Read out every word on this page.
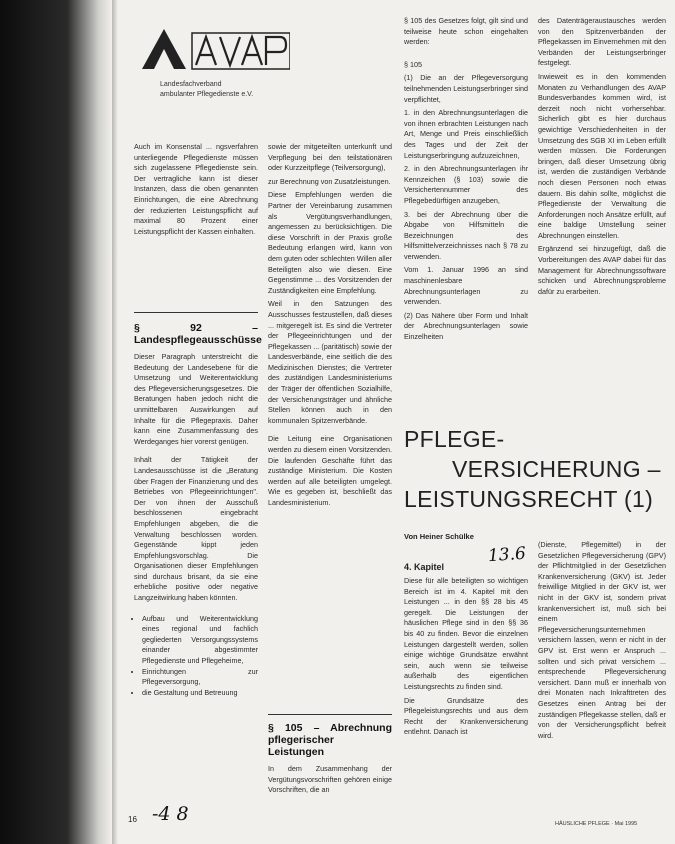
Landesfachverband
ambulanter Pflegedienste e.V.

Auch im Konsenstal ... ngsverfahren unterliegende Pflegedienste müssen sich zugelassene Pflegedienste sein. Der vertragliche kann ist dieser Instanzen, dass die oben genannten Einrichtungen, die eine Abrechnung der reduzierten Leistungspflicht auf maximal 80 Prozent einer Leistungspflicht der Kassen einhalten.

§ 92 – Landespflegeausschüsse

Dieser Paragraph unterstreicht die Bedeutung der Landesebene für die Umsetzung und Weiterentwicklung des Pflegeversicherungsgesetzes. Die Beratungen haben jedoch nicht die unmittelbaren Auswirkungen auf Inhalte für die Pflegepraxis. Daher kann eine Zusammenfassung des Werdeganges hier vorerst genügen.

Inhalt der Tätigkeit der Landesausschüsse ist die „Beratung über Fragen der Finanzierung und des Betriebes von Pflegeeinrichtungen". Der von ihnen der Ausschuß beschlossenen eingebracht Empfehlungen abgeben, die die Verwaltung beschlossen worden. Gegenstände kippt jeden Empfehlungsvorschlag. Die Organisationen dieser Empfehlungen sind durchaus brisant, da sie eine erhebliche positive oder negative Langzeitwirkung haben könnten.

• Aufbau und Weiterentwicklung eines regional und fachlich gegliederten Versorgungssystems einander abgestimmter Pflegedienste und Pflegeheime,
• Einrichtungen zur Pflegeversorgung,
• die Gestaltung und Betreuung

sowie der mitgeteilten unterkunft und Verpflegung bei den teilstationären oder Kurzzeitpflege (Teilversorgung),

zur Berechnung von Zusatzleistungen.

Diese Empfehlungen werden die Partner der Vereinbarung zusammen als Vergütungsverhandlungen, angemessen zu berücksichtigen. Die diese Vorschrift in der Praxis große Bedeutung erlangen wird, kann von dem guten oder schlechten Willen aller Beteiligten also wie diesen. Eine Gegenstimme ... des Vorsitzenden der Zuständigkeiten eine Empfehlung.

Weil in den Satzungen des Ausschusses festzustellen, daß dieses ... mitgeregelt ist. Es sind die Vertreter der Pflegeeinrichtungen und der Pflegekassen ... (paritätisch) sowie der Landesverbände, eine seitlich die des Medizinischen Dienstes; die Vertreter des zuständigen Landesministeriums der Träger der öffentlichen Sozialhilfe, der Versicherungsträger und ähnliche Stellen können auch in den kommunalen Spitzenverbände.

Die Leitung eine Organisationen werden zu diesem einen Vorsitzenden. Die laufenden Geschäfte führt das zuständige Ministerium. Die Kosten werden auf alle beteiligten umgelegt. Wie es gegeben ist, beschließt das Landesministerium.

§ 105 – Abrechnung pflegerischer Leistungen

In dem Zusammenhang der Vergütungsvorschriften gehören einige Vorschriften, die an

§ 105 des Gesetzes folgt, gilt sind und teilweise heute schon eingehalten werden:

§ 105

(1) Die an der Pflegeversorgung teilnehmenden Leistungserbringer sind verpflichtet,

1. in den Abrechnungsunterlagen die von ihnen erbrachten Leistungen nach Art, Menge und Preis einschließlich des Tages und der Zeit der Leistungserbringung aufzuzeichnen,

2. in den Abrechnungsunterlagen ihr Kennzeichen (§ 103) sowie die Versichertennummer des Pflegebedürftigen anzugeben,

3. bei der Abrechnung über die Abgabe von Hilfsmitteln die Bezeichnungen des Hilfsmittelverzeichnisses nach § 78 zu verwenden.

Vom 1. Januar 1996 an sind maschinenlesbare Abrechnungsunterlagen zu verwenden.

(2) Das Nähere über Form und Inhalt der Abrechnungsunterlagen sowie Einzelheiten

des Datenträgeraustausches werden von den Spitzenverbänden der Pflegekassen im Einvernehmen mit den Verbänden der Leistungserbringer festgelegt.

Inwieweit es in den kommenden Monaten zu Verhandlungen des AVAP Bundesverbandes kommen wird, ist derzeit noch nicht vorhersehbar. Sicherlich gibt es hier durchaus gewichtige Verschiedenheiten in der Umsetzung des SGB XI im Leben erfüllt werden müssen. Die Forderungen bringen, daß dieser Umsetzung übrig ist, werden die zuständigen Verbände noch diesen Personen noch etwas dauern. Bis dahin sollte, möglichst die Pflegedienste der Verwaltung die Anforderungen noch Ansätze erfüllt, auf eine baldige Umstellung seiner Abrechnungen einstellen.

Ergänzend sei hinzugefügt, daß die Vorbereitungen des AVAP dabei für das Management für Abrechnungssoftware schicken und Abrechnungsprobleme dafür zu erarbeiten.

PFLEGE-
VERSICHERUNG –
LEISTUNGSRECHT (1)
Von Heiner Schülke
13.6
4. Kapitel

Diese für alle beteiligten so wichtigen Bereich ist im 4. Kapitel mit den Leistungen ... in den §§ 28 bis 45 geregelt. Die Leistungen der häuslichen Pflege sind in den §§ 36 bis 40 zu finden. Bevor die einzelnen Leistungen dargestellt werden, sollen einige wichtige Grundsätze erwähnt sein, auch wenn sie teilweise außerhalb des eigentlichen Leistungsrechts zu finden sind.

Die Grundsätze des Pflegeleistungsrechts und aus dem Recht der Krankenversicherung entlehnt. Danach ist

(Dienste, Pflegemittel) in der Gesetzlichen Pflegeversicherung (GPV) der Pflichtmitglied in der Gesetzlichen Krankenversicherung (GKV) ist. Jeder freiwillige Mitglied in der GKV ist, wer nicht in der GKV ist, sondern privat krankenversichert ist, muß sich bei einem Pflegeversicherungsunternehmen versichern lassen, wenn er nicht in der GPV ist. Erst wenn er Anspruch ... sollten und sich privat versichern ... entsprechende Pflegeversicherung versichert. Dann muß er innerhalb von drei Monaten nach Inkrafttreten des Gesetzes einen Antrag bei der zuständigen Pflegekasse stellen, daß er von der Versicherungspflicht befreit wird.

16 -4 8	HÄUSLICHE PFLEGE · Mai 1995
